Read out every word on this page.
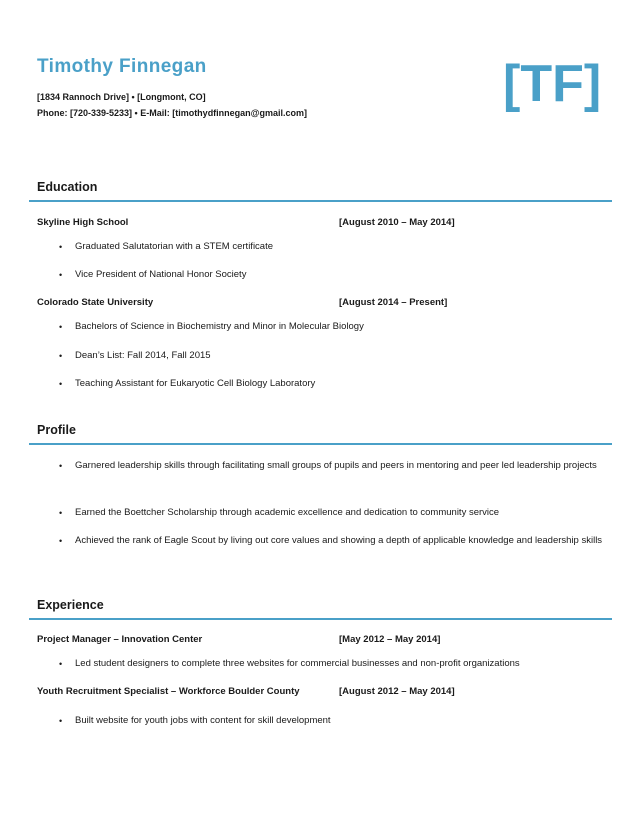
Timothy Finnegan
[1834 Rannoch Drive] • [Longmont, CO]
Phone: [720-339-5233] • E-Mail: [timothydfinnegan@gmail.com]	[TF]
Education
Skyline High School	[August 2010 – May 2014]
• Graduated Salutatorian with a STEM certificate
• Vice President of National Honor Society
Colorado State University	[August 2014 – Present]
• Bachelors of Science in Biochemistry and Minor in Molecular Biology
• Dean’s List: Fall 2014, Fall 2015
• Teaching Assistant for Eukaryotic Cell Biology Laboratory
Profile
• Garnered leadership skills through facilitating small groups of pupils and peers in mentoring and peer led leadership projects
• Earned the Boettcher Scholarship through academic excellence and dedication to community service
• Achieved the rank of Eagle Scout by living out core values and showing a depth of applicable knowledge and leadership skills
Experience
Project Manager – Innovation Center	[May 2012 – May 2014]
• Led student designers to complete three websites for commercial businesses and non-profit organizations
Youth Recruitment Specialist – Workforce Boulder County	[August 2012 – May 2014]
• Built website for youth jobs with content for skill development
